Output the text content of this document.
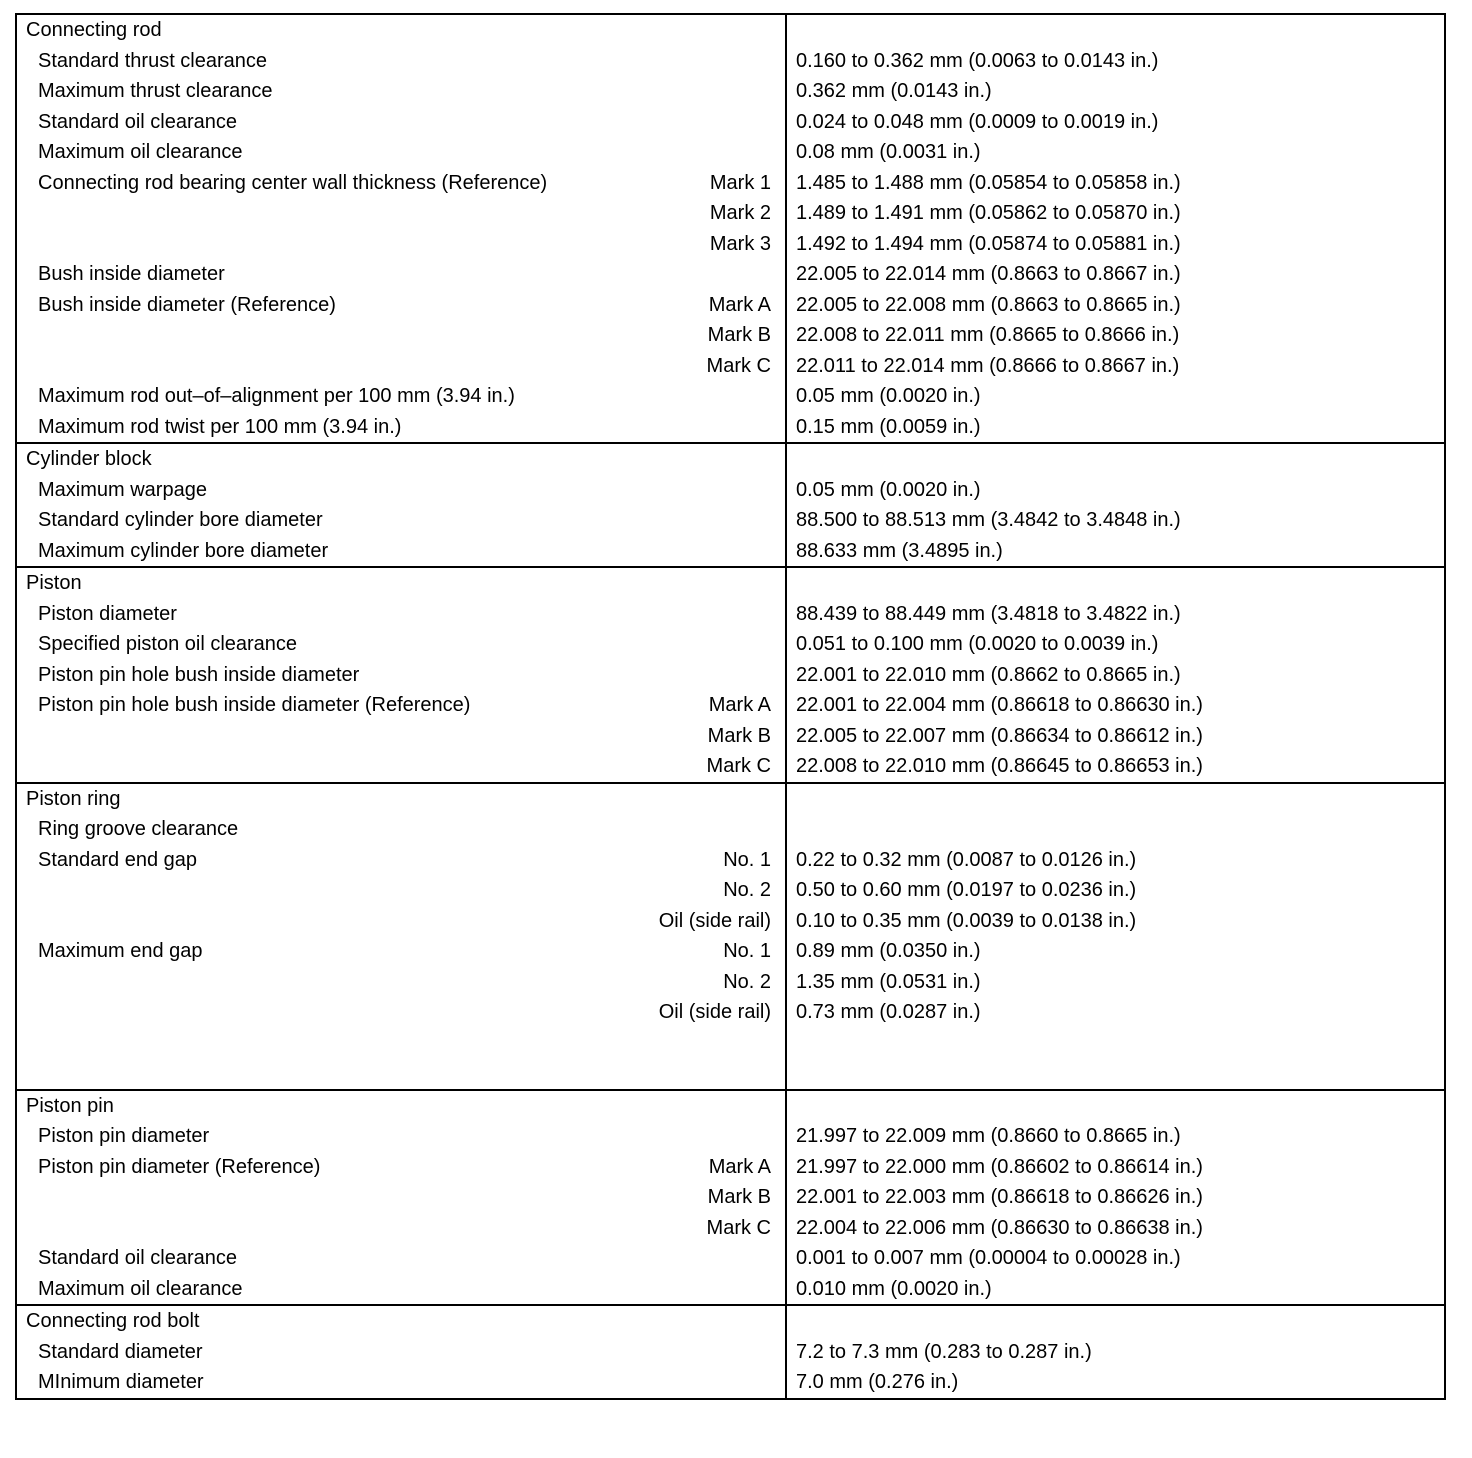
Connecting rod
Standard thrust clearance	0.160 to 0.362 mm (0.0063 to 0.0143 in.)
Maximum thrust clearance	0.362 mm (0.0143 in.)
Standard oil clearance	0.024 to 0.048 mm (0.0009 to 0.0019 in.)
Maximum oil clearance	0.08 mm (0.0031 in.)
Connecting rod bearing center wall thickness (Reference)	Mark 1 1.485 to 1.488 mm (0.05854 to 0.05858 in.)
Mark 2 1.489 to 1.491 mm (0.05862 to 0.05870 in.)
Mark 3 1.492 to 1.494 mm (0.05874 to 0.05881 in.)
Bush inside diameter	22.005 to 22.014 mm (0.8663 to 0.8667 in.)
Bush inside diameter (Reference)	Mark A 22.005 to 22.008 mm (0.8663 to 0.8665 in.)
Mark B 22.008 to 22.011 mm (0.8665 to 0.8666 in.)
Mark C 22.011 to 22.014 mm (0.8666 to 0.8667 in.)
Maximum rod out–of–alignment per 100 mm (3.94 in.)	0.05 mm (0.0020 in.)
Maximum rod twist per 100 mm (3.94 in.)	0.15 mm (0.0059 in.)
Cylinder block
Maximum warpage	0.05 mm (0.0020 in.)
Standard cylinder bore diameter	88.500 to 88.513 mm (3.4842 to 3.4848 in.)
Maximum cylinder bore diameter	88.633 mm (3.4895 in.)
Piston
Piston diameter	88.439 to 88.449 mm (3.4818 to 3.4822 in.)
Specified piston oil clearance	0.051 to 0.100 mm (0.0020 to 0.0039 in.)
Piston pin hole bush inside diameter	22.001 to 22.010 mm (0.8662 to 0.8665 in.)
Piston pin hole bush inside diameter (Reference)	Mark A 22.001 to 22.004 mm (0.86618 to 0.86630 in.)
Mark B 22.005 to 22.007 mm (0.86634 to 0.86612 in.)
Mark C 22.008 to 22.010 mm (0.86645 to 0.86653 in.)
Piston ring
Ring groove clearance
Standard end gap	No. 1 0.22 to 0.32 mm (0.0087 to 0.0126 in.)
No. 2 0.50 to 0.60 mm (0.0197 to 0.0236 in.)
Oil (side rail) 0.10 to 0.35 mm (0.0039 to 0.0138 in.)
Maximum end gap	No. 1 0.89 mm (0.0350 in.)
No. 2 1.35 mm (0.0531 in.)
Oil (side rail) 0.73 mm (0.0287 in.)
Piston pin
Piston pin diameter	21.997 to 22.009 mm (0.8660 to 0.8665 in.)
Piston pin diameter (Reference)	Mark A 21.997 to 22.000 mm (0.86602 to 0.86614 in.)
Mark B 22.001 to 22.003 mm (0.86618 to 0.86626 in.)
Mark C 22.004 to 22.006 mm (0.86630 to 0.86638 in.)
Standard oil clearance	0.001 to 0.007 mm (0.00004 to 0.00028 in.)
Maximum oil clearance	0.010 mm (0.0020 in.)
Connecting rod bolt
Standard diameter	7.2 to 7.3 mm (0.283 to 0.287 in.)
MInimum diameter	7.0 mm (0.276 in.)
